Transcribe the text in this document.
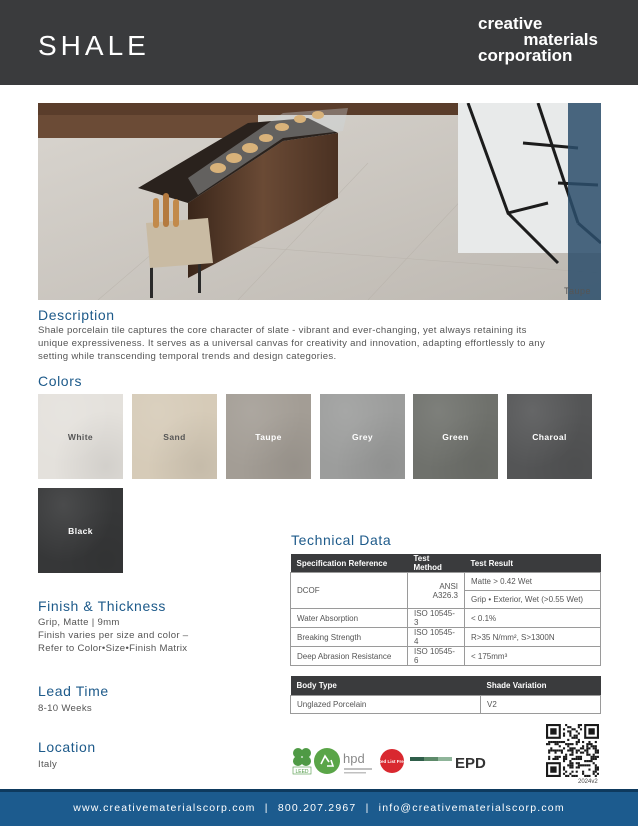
SHALE
creative
materials
corporation
Taupe
Description
Shale porcelain tile captures the core character of slate - vibrant and ever-changing, yet always retaining its
unique expressiveness. It serves as a universal canvas for creativity and innovation, adapting effortlessly to any
setting while transcending temporal trends and design categories.
Colors
White	Sand	Taupe	Grey	Green	Charoal
Black
Finish & Thickness
Grip, Matte | 9mm
Finish varies per size and color –
Refer to Color•Size•Finish Matrix
Lead Time
8-10 Weeks
Location
Italy
Technical Data
Specification Reference	Test Method	Test Result
DCOF	ANSI A326.3	Matte > 0.42 Wet
		Grip • Exterior, Wet (>0.55 Wet)
Water Absorption	ISO 10545-3	< 0.1%
Breaking Strength	ISO 10545-4	R>35 N/mm², S>1300N
Deep Abrasion Resistance	ISO 10545-6	< 175mm³
Body Type	Shade Variation
Unglazed Porcelain	V2
LEED
hpd	Red List Free	EPD
2024v2
www.creativematerialscorp.com | 800.207.2967 | info@creativematerialscorp.com
